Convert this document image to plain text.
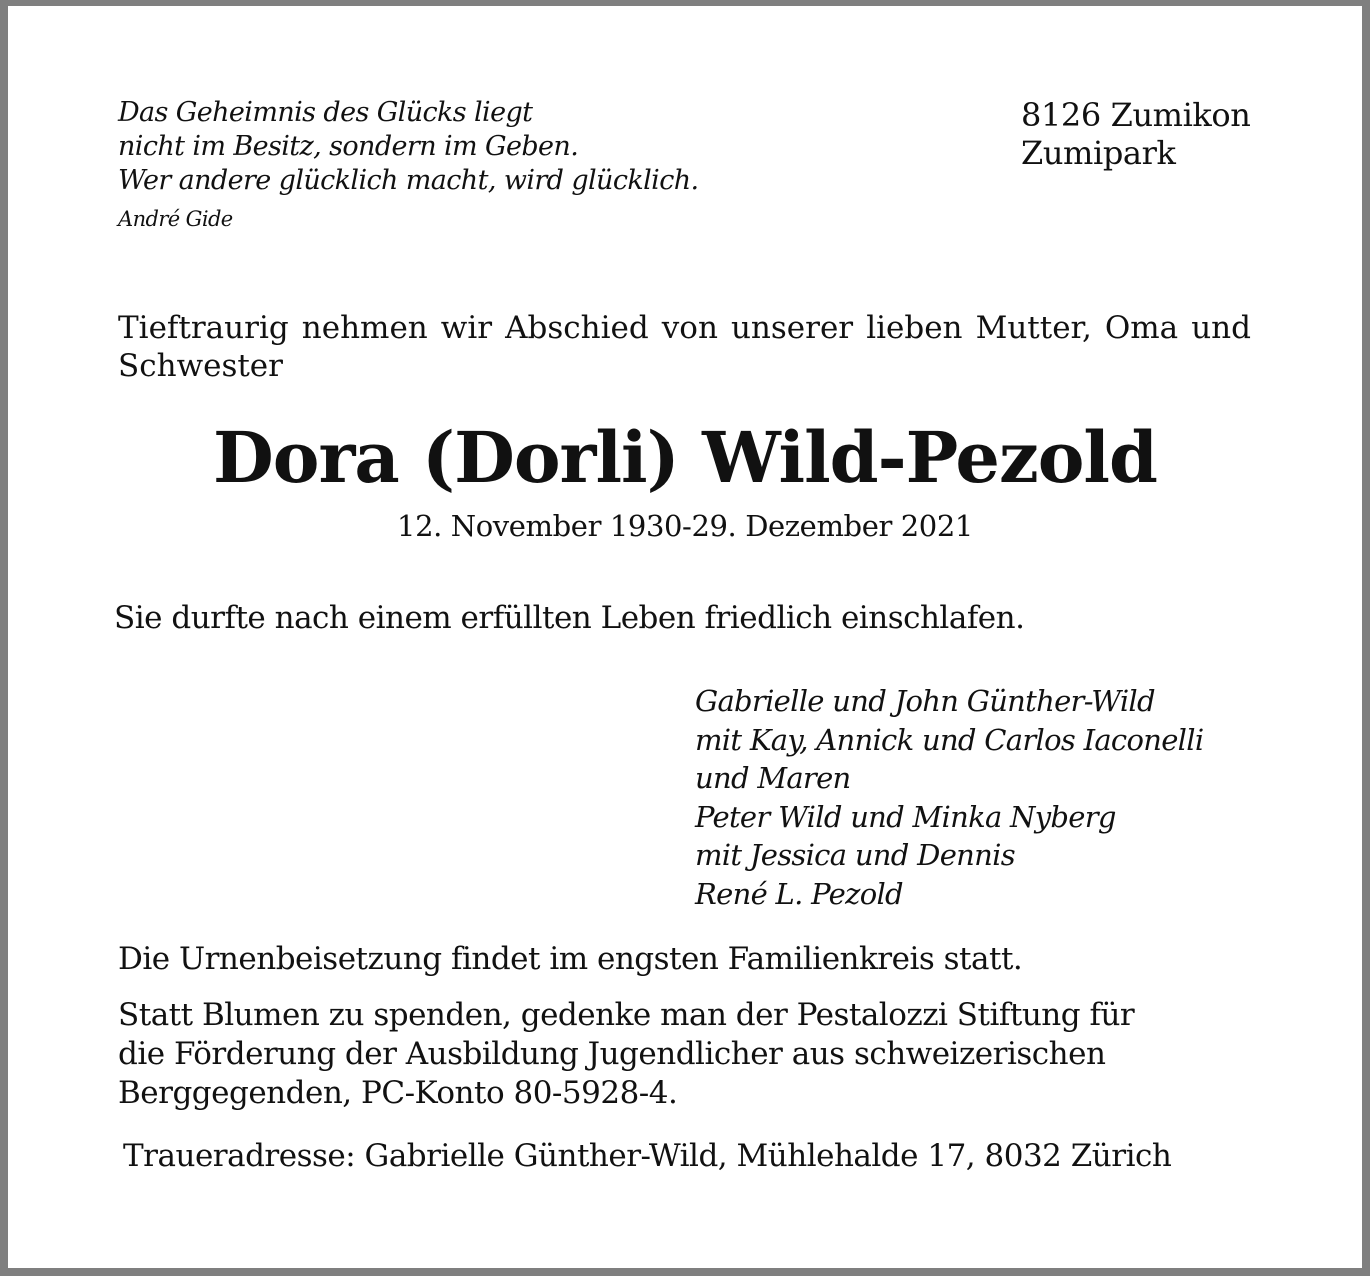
Das Geheimnis des Glücks liegt
nicht im Besitz, sondern im Geben.
Wer andere glücklich macht, wird glücklich.
André Gide
8126 Zumikon
Zumipark
Tieftraurig nehmen wir Abschied von unserer lieben Mutter, Oma und Schwester
Dora (Dorli) Wild-Pezold
12. November 1930-29. Dezember 2021
Sie durfte nach einem erfüllten Leben friedlich einschlafen.
Gabrielle und John Günther-Wild
mit Kay, Annick und Carlos Iaconelli
und Maren
Peter Wild und Minka Nyberg
mit Jessica und Dennis
René L. Pezold
Die Urnenbeisetzung findet im engsten Familienkreis statt.
Statt Blumen zu spenden, gedenke man der Pestalozzi Stiftung für
die Förderung der Ausbildung Jugendlicher aus schweizerischen
Berggegenden, PC-Konto 80-5928-4.
Traueradresse: Gabrielle Günther-Wild, Mühlehalde 17, 8032 Zürich
